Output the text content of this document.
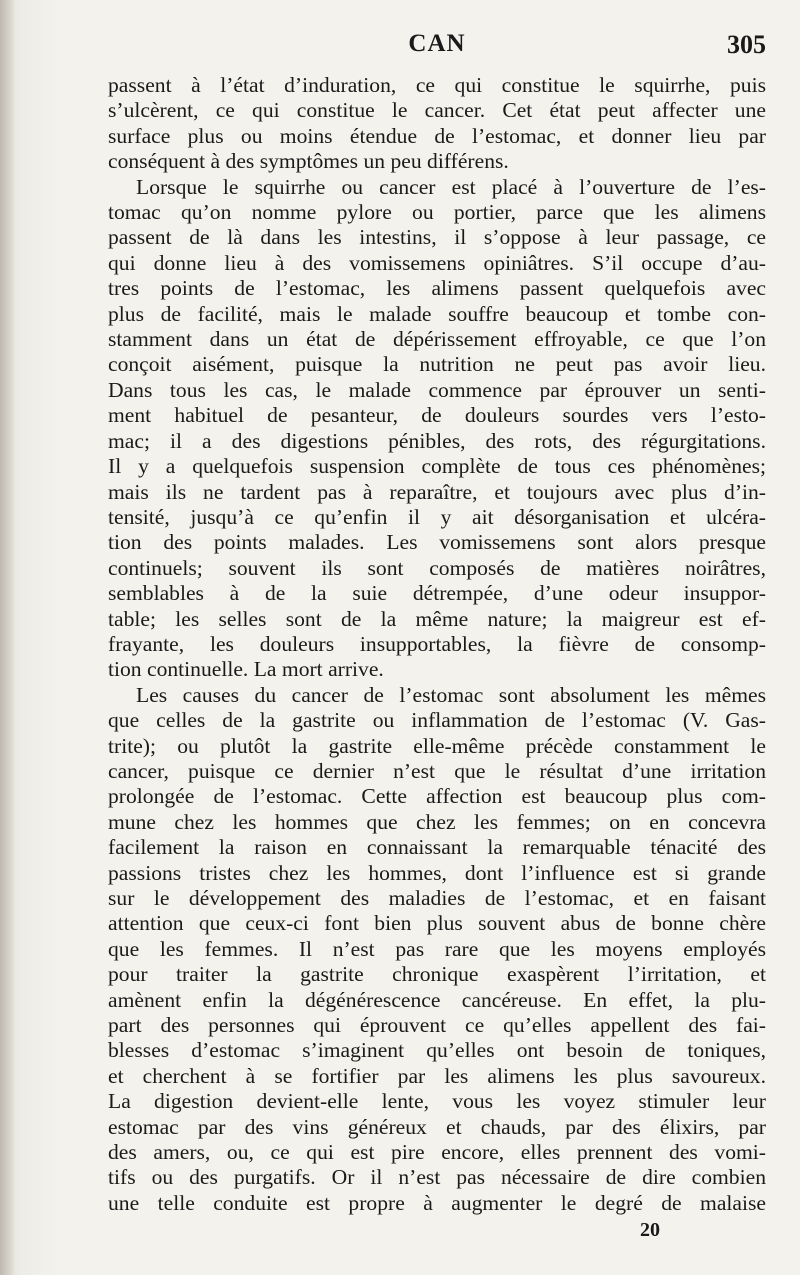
CAN	305

passent à l’état d’induration, ce qui constitue le squirrhe, puis
s’ulcèrent, ce qui constitue le cancer. Cet état peut affecter une
surface plus ou moins étendue de l’estomac, et donner lieu par
conséquent à des symptômes un peu différens.

Lorsque le squirrhe ou cancer est placé à l’ouverture de l’es-
tomac qu’on nomme pylore ou portier, parce que les alimens
passent de là dans les intestins, il s’oppose à leur passage, ce
qui donne lieu à des vomissemens opiniâtres. S’il occupe d’au-
tres points de l’estomac, les alimens passent quelquefois avec
plus de facilité, mais le malade souffre beaucoup et tombe con-
stamment dans un état de dépérissement effroyable, ce que l’on
conçoit aisément, puisque la nutrition ne peut pas avoir lieu.
Dans tous les cas, le malade commence par éprouver un senti-
ment habituel de pesanteur, de douleurs sourdes vers l’esto-
mac; il a des digestions pénibles, des rots, des régurgitations.
Il y a quelquefois suspension complète de tous ces phénomènes;
mais ils ne tardent pas à reparaître, et toujours avec plus d’in-
tensité, jusqu’à ce qu’enfin il y ait désorganisation et ulcéra-
tion des points malades. Les vomissemens sont alors presque
continuels; souvent ils sont composés de matières noirâtres,
semblables à de la suie détrempée, d’une odeur insuppor-
table; les selles sont de la même nature; la maigreur est ef-
frayante, les douleurs insupportables, la fièvre de consomp-
tion continuelle. La mort arrive.

Les causes du cancer de l’estomac sont absolument les mêmes
que celles de la gastrite ou inflammation de l’estomac (V. Gas-
trite); ou plutôt la gastrite elle-même précède constamment le
cancer, puisque ce dernier n’est que le résultat d’une irritation
prolongée de l’estomac. Cette affection est beaucoup plus com-
mune chez les hommes que chez les femmes; on en concevra
facilement la raison en connaissant la remarquable ténacité des
passions tristes chez les hommes, dont l’influence est si grande
sur le développement des maladies de l’estomac, et en faisant
attention que ceux-ci font bien plus souvent abus de bonne chère
que les femmes. Il n’est pas rare que les moyens employés
pour traiter la gastrite chronique exaspèrent l’irritation, et
amènent enfin la dégénérescence cancéreuse. En effet, la plu-
part des personnes qui éprouvent ce qu’elles appellent des fai-
blesses d’estomac s’imaginent qu’elles ont besoin de toniques,
et cherchent à se fortifier par les alimens les plus savoureux.
La digestion devient-elle lente, vous les voyez stimuler leur
estomac par des vins généreux et chauds, par des élixirs, par
des amers, ou, ce qui est pire encore, elles prennent des vomi-
tifs ou des purgatifs. Or il n’est pas nécessaire de dire combien
une telle conduite est propre à augmenter le degré de malaise

20
